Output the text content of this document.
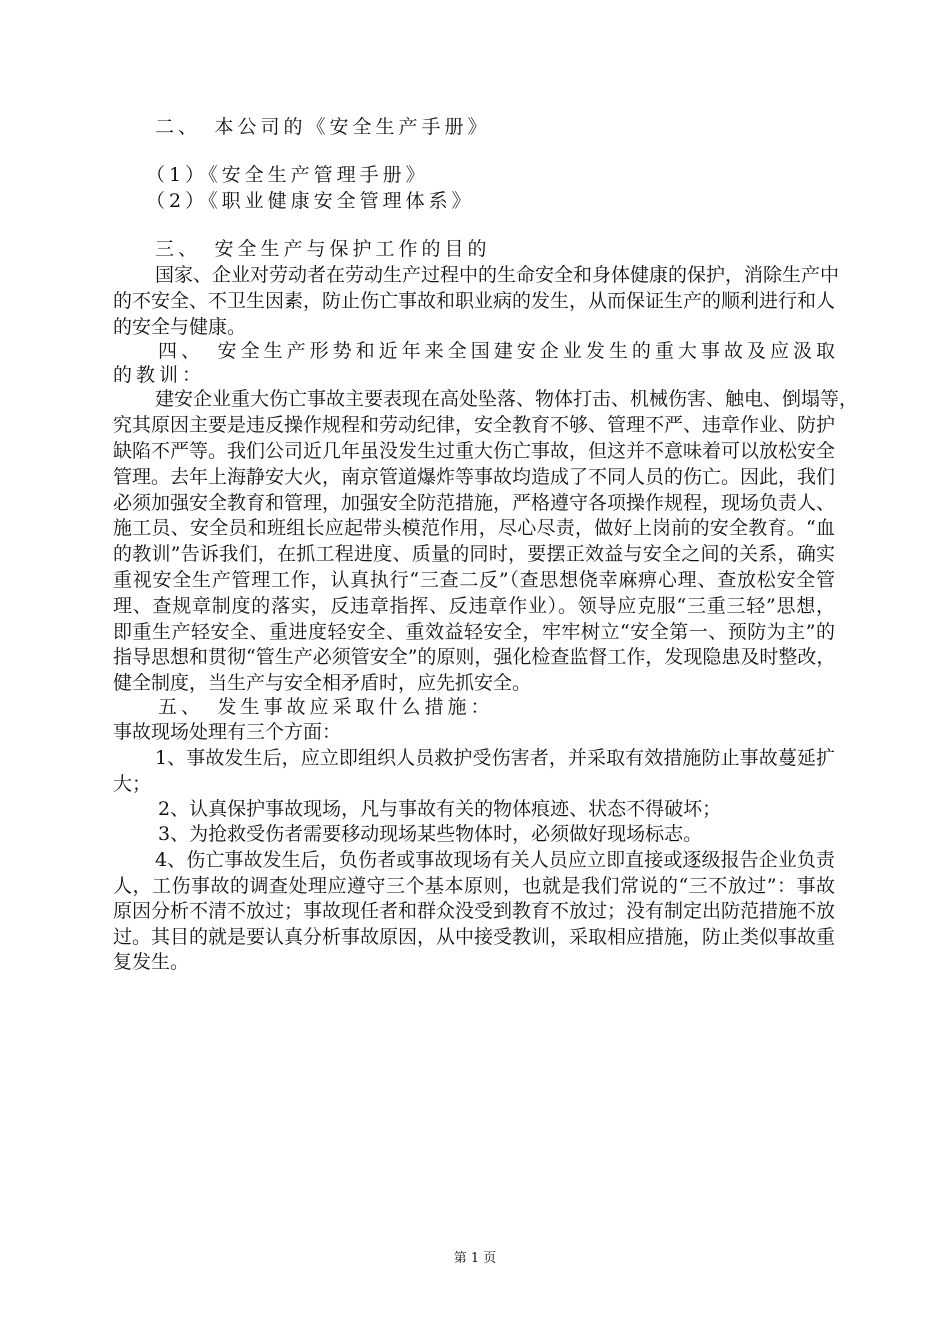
二、　本公司的《安全生产手册》

（1）《安全生产管理手册》

（2）《职业健康安全管理体系》

三、　安全生产与保护工作的目的

国家、企业对劳动者在劳动生产过程中的生命安全和身体健康的保护，消除生产中

的不安全、不卫生因素，防止伤亡事故和职业病的发生，从而保证生产的顺利进行和人

的安全与健康。

四、　安全生产形势和近年来全国建安企业发生的重大事故及应汲取

的教训：

建安企业重大伤亡事故主要表现在高处坠落、物体打击、机械伤害、触电、倒塌等，

究其原因主要是违反操作规程和劳动纪律，安全教育不够、管理不严、违章作业、防护

缺陷不严等。我们公司近几年虽没发生过重大伤亡事故，但这并不意味着可以放松安全

管理。去年上海静安大火，南京管道爆炸等事故均造成了不同人员的伤亡。因此，我们

必须加强安全教育和管理，加强安全防范措施，严格遵守各项操作规程，现场负责人、

施工员、安全员和班组长应起带头模范作用，尽心尽责，做好上岗前的安全教育。“血

的教训”告诉我们，在抓工程进度、质量的同时，要摆正效益与安全之间的关系，确实

重视安全生产管理工作，认真执行“三查二反”（查思想侥幸麻痹心理、查放松安全管

理、查规章制度的落实，反违章指挥、反违章作业）。领导应克服“三重三轻”思想，

即重生产轻安全、重进度轻安全、重效益轻安全，牢牢树立“安全第一、预防为主”的

指导思想和贯彻“管生产必须管安全”的原则，强化检查监督工作，发现隐患及时整改，

健全制度，当生产与安全相矛盾时，应先抓安全。

五、　发生事故应采取什么措施：

事故现场处理有三个方面：

1、事故发生后，应立即组织人员救护受伤害者，并采取有效措施防止事故蔓延扩

大；

2、认真保护事故现场，凡与事故有关的物体痕迹、状态不得破坏；

3、为抢救受伤者需要移动现场某些物体时，必须做好现场标志。

4、伤亡事故发生后，负伤者或事故现场有关人员应立即直接或逐级报告企业负责

人，工伤事故的调查处理应遵守三个基本原则，也就是我们常说的“三不放过”：事故

原因分析不清不放过；事故现任者和群众没受到教育不放过；没有制定出防范措施不放

过。其目的就是要认真分析事故原因，从中接受教训，采取相应措施，防止类似事故重

复发生。

第 1 页
